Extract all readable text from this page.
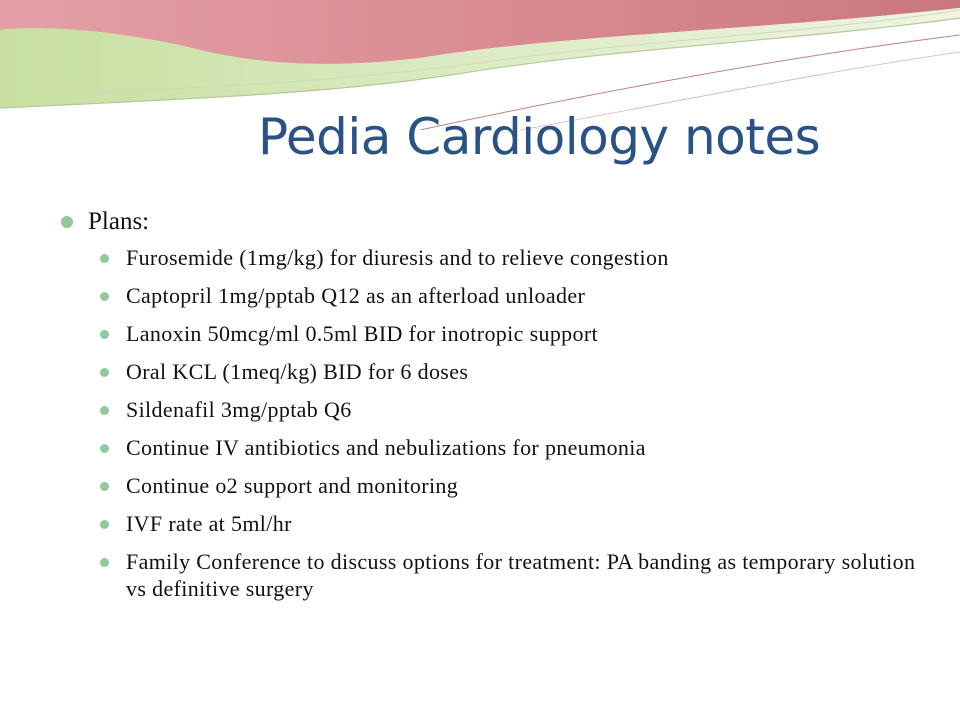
Pedia Cardiology notes
Plans:
Furosemide (1mg/kg) for diuresis and to relieve congestion
Captopril 1mg/pptab Q12 as an afterload unloader
Lanoxin 50mcg/ml 0.5ml BID for inotropic support
Oral KCL (1meq/kg) BID for 6 doses
Sildenafil 3mg/pptab Q6
Continue IV antibiotics and nebulizations for pneumonia
Continue o2 support and monitoring
IVF rate at 5ml/hr
Family Conference to discuss options for treatment: PA banding as temporary solution vs definitive surgery
